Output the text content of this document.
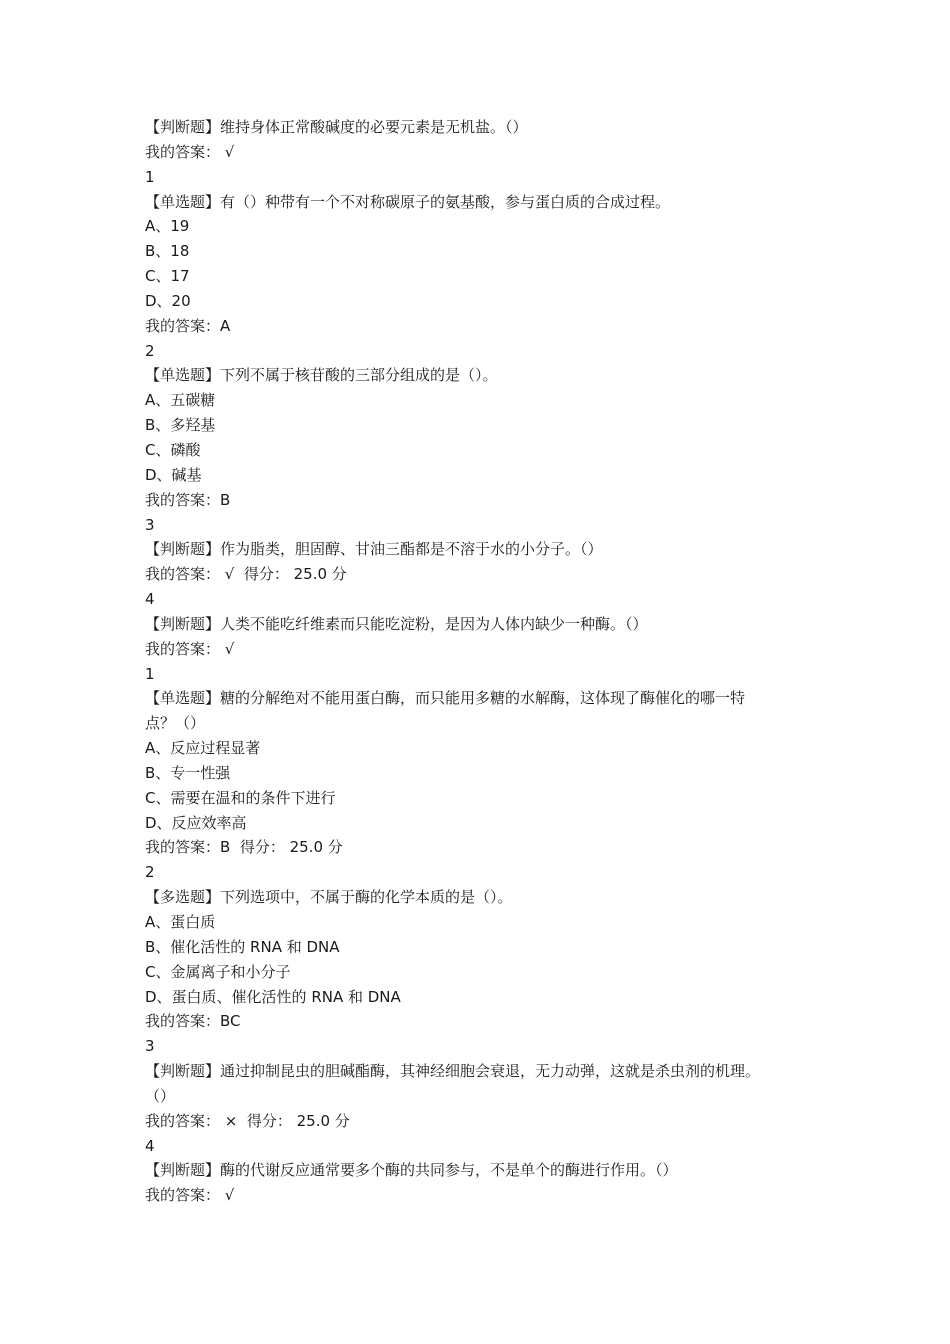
【判断题】维持身体正常酸碱度的必要元素是无机盐。（）

我的答案： √

1

【单选题】有（）种带有一个不对称碳原子的氨基酸，参与蛋白质的合成过程。

A、19

B、18

C、17

D、20

我的答案：A

2

【单选题】下列不属于核苷酸的三部分组成的是（）。

A、五碳糖

B、多羟基

C、磷酸

D、碱基

我的答案：B

3

【判断题】作为脂类，胆固醇、甘油三酯都是不溶于水的小分子。（）

我的答案： √  得分： 25.0 分

4

【判断题】人类不能吃纤维素而只能吃淀粉，是因为人体内缺少一种酶。（）

我的答案： √

1

【单选题】糖的分解绝对不能用蛋白酶，而只能用多糖的水解酶，这体现了酶催化的哪一特

点？（）

A、反应过程显著

B、专一性强

C、需要在温和的条件下进行

D、反应效率高

我的答案：B  得分： 25.0 分

2

【多选题】下列选项中，不属于酶的化学本质的是（）。

A、蛋白质

B、催化活性的 RNA 和 DNA

C、金属离子和小分子

D、蛋白质、催化活性的 RNA 和 DNA

我的答案：BC

3

【判断题】通过抑制昆虫的胆碱酯酶，其神经细胞会衰退，无力动弹，这就是杀虫剂的机理。

（）

我的答案： ×  得分： 25.0 分

4

【判断题】酶的代谢反应通常要多个酶的共同参与，不是单个的酶进行作用。（）

我的答案： √
